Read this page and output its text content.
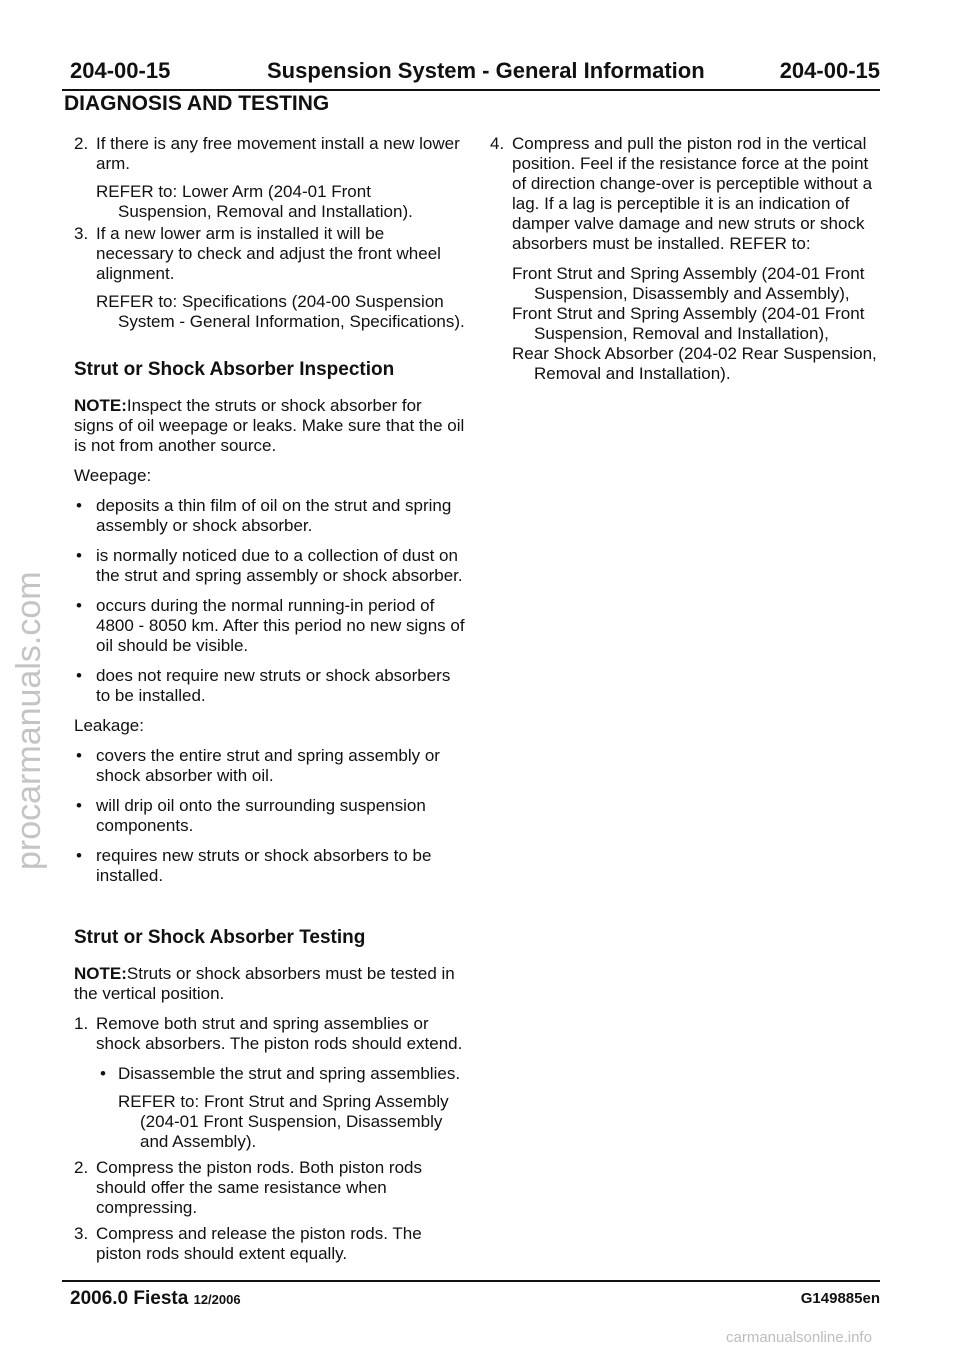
204-00-15	Suspension System - General Information	204-00-15
DIAGNOSIS AND TESTING
2. If there is any free movement install a new lower arm.

REFER to: Lower Arm (204-01 Front
Suspension, Removal and Installation).
3. If a new lower arm is installed it will be necessary to check and adjust the front wheel alignment.

REFER to: Specifications (204-00 Suspension
System - General Information, Specifications).
Strut or Shock Absorber Inspection

NOTE:Inspect the struts or shock absorber for signs of oil weepage or leaks. Make sure that the oil is not from another source.

Weepage:

• deposits a thin film of oil on the strut and spring assembly or shock absorber.
• is normally noticed due to a collection of dust on the strut and spring assembly or shock absorber.
• occurs during the normal running-in period of 4800 - 8050 km. After this period no new signs of oil should be visible.
• does not require new struts or shock absorbers to be installed.

Leakage:

• covers the entire strut and spring assembly or shock absorber with oil.
• will drip oil onto the surrounding suspension components.
• requires new struts or shock absorbers to be installed.
Strut or Shock Absorber Testing

NOTE:Struts or shock absorbers must be tested in the vertical position.

1. Remove both strut and spring assemblies or shock absorbers. The piston rods should extend.

• Disassemble the strut and spring assemblies.
REFER to: Front Strut and Spring Assembly
(204-01 Front Suspension, Disassembly
and Assembly).
2. Compress the piston rods. Both piston rods should offer the same resistance when compressing.

3. Compress and release the piston rods. The piston rods should extent equally.

4. Compress and pull the piston rod in the vertical position. Feel if the resistance force at the point of direction change-over is perceptible without a lag. If a lag is perceptible it is an indication of damper valve damage and new struts or shock absorbers must be installed. REFER to:

Front Strut and Spring Assembly (204-01 Front Suspension, Disassembly and Assembly),
Front Strut and Spring Assembly (204-01 Front Suspension, Removal and Installation),
Rear Shock Absorber (204-02 Rear Suspension, Removal and Installation).
2006.0 Fiesta 12/2006	G149885en
procarmanuals.com
carmanualsonline.info
